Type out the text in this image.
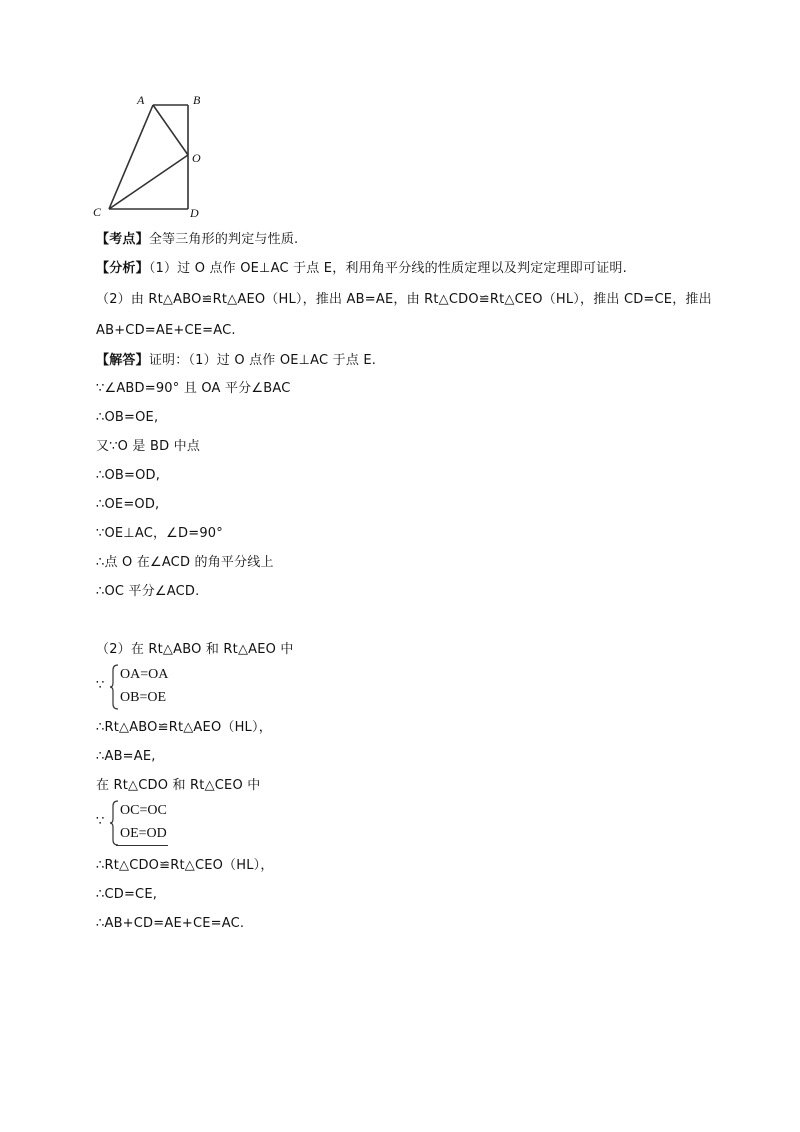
A	B
O
C	D
【考点】全等三角形的判定与性质.
【分析】（1）过 O 点作 OE⊥AC 于点 E，利用角平分线的性质定理以及判定定理即可证明.
（2）由 Rt△ABO≌Rt△AEO（HL），推出 AB=AE，由 Rt△CDO≌Rt△CEO（HL），推出 CD=CE，推出
AB+CD=AE+CE=AC.
【解答】证明：（1）过 O 点作 OE⊥AC 于点 E.
∵∠ABD=90° 且 OA 平分∠BAC
∴OB=OE,
又∵O 是 BD 中点
∴OB=OD,
∴OE=OD,
∵OE⊥AC，∠D=90°
∴点 O 在∠ACD 的角平分线上
∴OC 平分∠ACD.
（2）在 Rt△ABO 和 Rt△AEO 中
∵
OA=OA
OB=OE
∴Rt△ABO≌Rt△AEO（HL），
∴AB=AE,
在 Rt△CDO 和 Rt△CEO 中
∵
OC=OC
OE=OD
∴Rt△CDO≌Rt△CEO（HL），
∴CD=CE,
∴AB+CD=AE+CE=AC.
